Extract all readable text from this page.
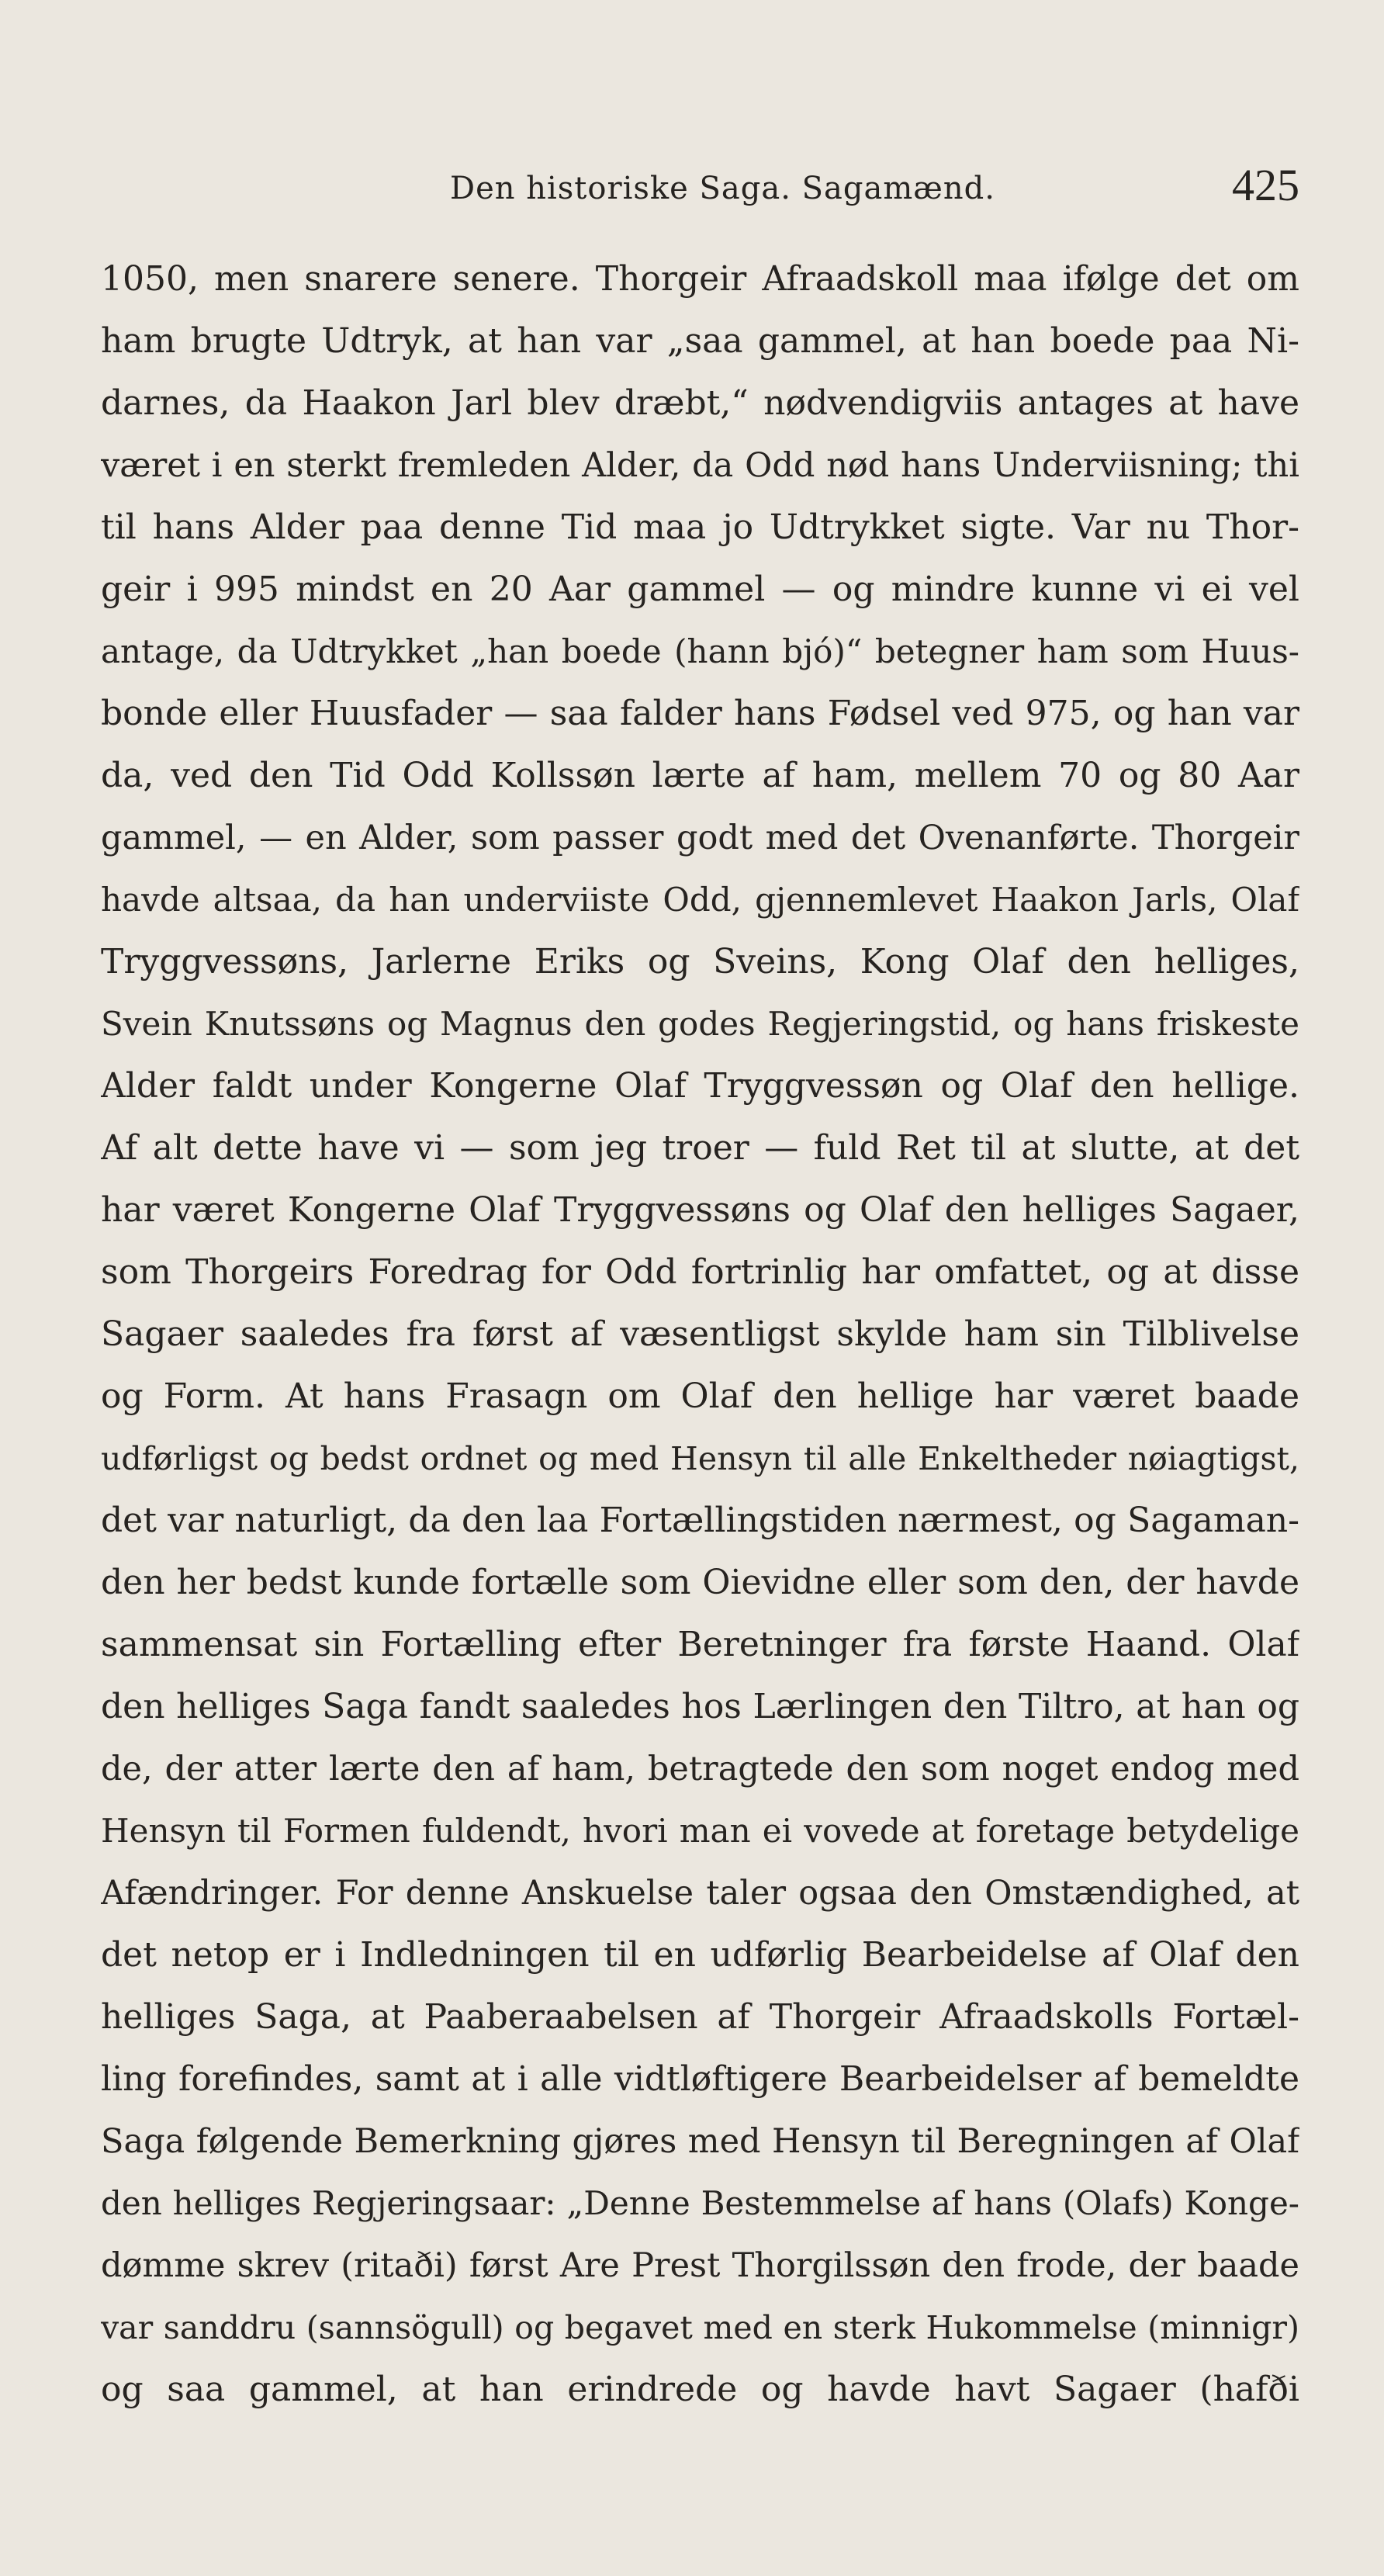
Den historiske Saga. Sagamænd.	425
1050, men snarere senere. Thorgeir Afraadskoll maa ifølge det om
ham brugte Udtryk, at han var „saa gammel, at han boede paa Ni-
darnes, da Haakon Jarl blev dræbt,“ nødvendigviis antages at have
været i en sterkt fremleden Alder, da Odd nød hans Underviisning; thi
til hans Alder paa denne Tid maa jo Udtrykket sigte. Var nu Thor-
geir i 995 mindst en 20 Aar gammel — og mindre kunne vi ei vel
antage, da Udtrykket „han boede (hann bjó)“ betegner ham som Huus-
bonde eller Huusfader — saa falder hans Fødsel ved 975, og han var
da, ved den Tid Odd Kollssøn lærte af ham, mellem 70 og 80 Aar
gammel, — en Alder, som passer godt med det Ovenanførte. Thorgeir
havde altsaa, da han underviiste Odd, gjennemlevet Haakon Jarls, Olaf
Tryggvessøns, Jarlerne Eriks og Sveins, Kong Olaf den helliges,
Svein Knutssøns og Magnus den godes Regjeringstid, og hans friskeste
Alder faldt under Kongerne Olaf Tryggvessøn og Olaf den hellige.
Af alt dette have vi — som jeg troer — fuld Ret til at slutte, at det
har været Kongerne Olaf Tryggvessøns og Olaf den helliges Sagaer,
som Thorgeirs Foredrag for Odd fortrinlig har omfattet, og at disse
Sagaer saaledes fra først af væsentligst skylde ham sin Tilblivelse
og Form. At hans Frasagn om Olaf den hellige har været baade
udførligst og bedst ordnet og med Hensyn til alle Enkeltheder nøiagtigst,
det var naturligt, da den laa Fortællingstiden nærmest, og Sagaman-
den her bedst kunde fortælle som Oievidne eller som den, der havde
sammensat sin Fortælling efter Beretninger fra første Haand. Olaf
den helliges Saga fandt saaledes hos Lærlingen den Tiltro, at han og
de, der atter lærte den af ham, betragtede den som noget endog med
Hensyn til Formen fuldendt, hvori man ei vovede at foretage betydelige
Afændringer. For denne Anskuelse taler ogsaa den Omstændighed, at
det netop er i Indledningen til en udførlig Bearbeidelse af Olaf den
helliges Saga, at Paaberaabelsen af Thorgeir Afraadskolls Fortæl-
ling forefindes, samt at i alle vidtløftigere Bearbeidelser af bemeldte
Saga følgende Bemerkning gjøres med Hensyn til Beregningen af Olaf
den helliges Regjeringsaar: „Denne Bestemmelse af hans (Olafs) Konge-
dømme skrev (ritaði) først Are Prest Thorgilssøn den frode, der baade
var sanddru (sannsögull) og begavet med en sterk Hukommelse (minnigr)
og saa gammel, at han erindrede og havde havt Sagaer (hafði
